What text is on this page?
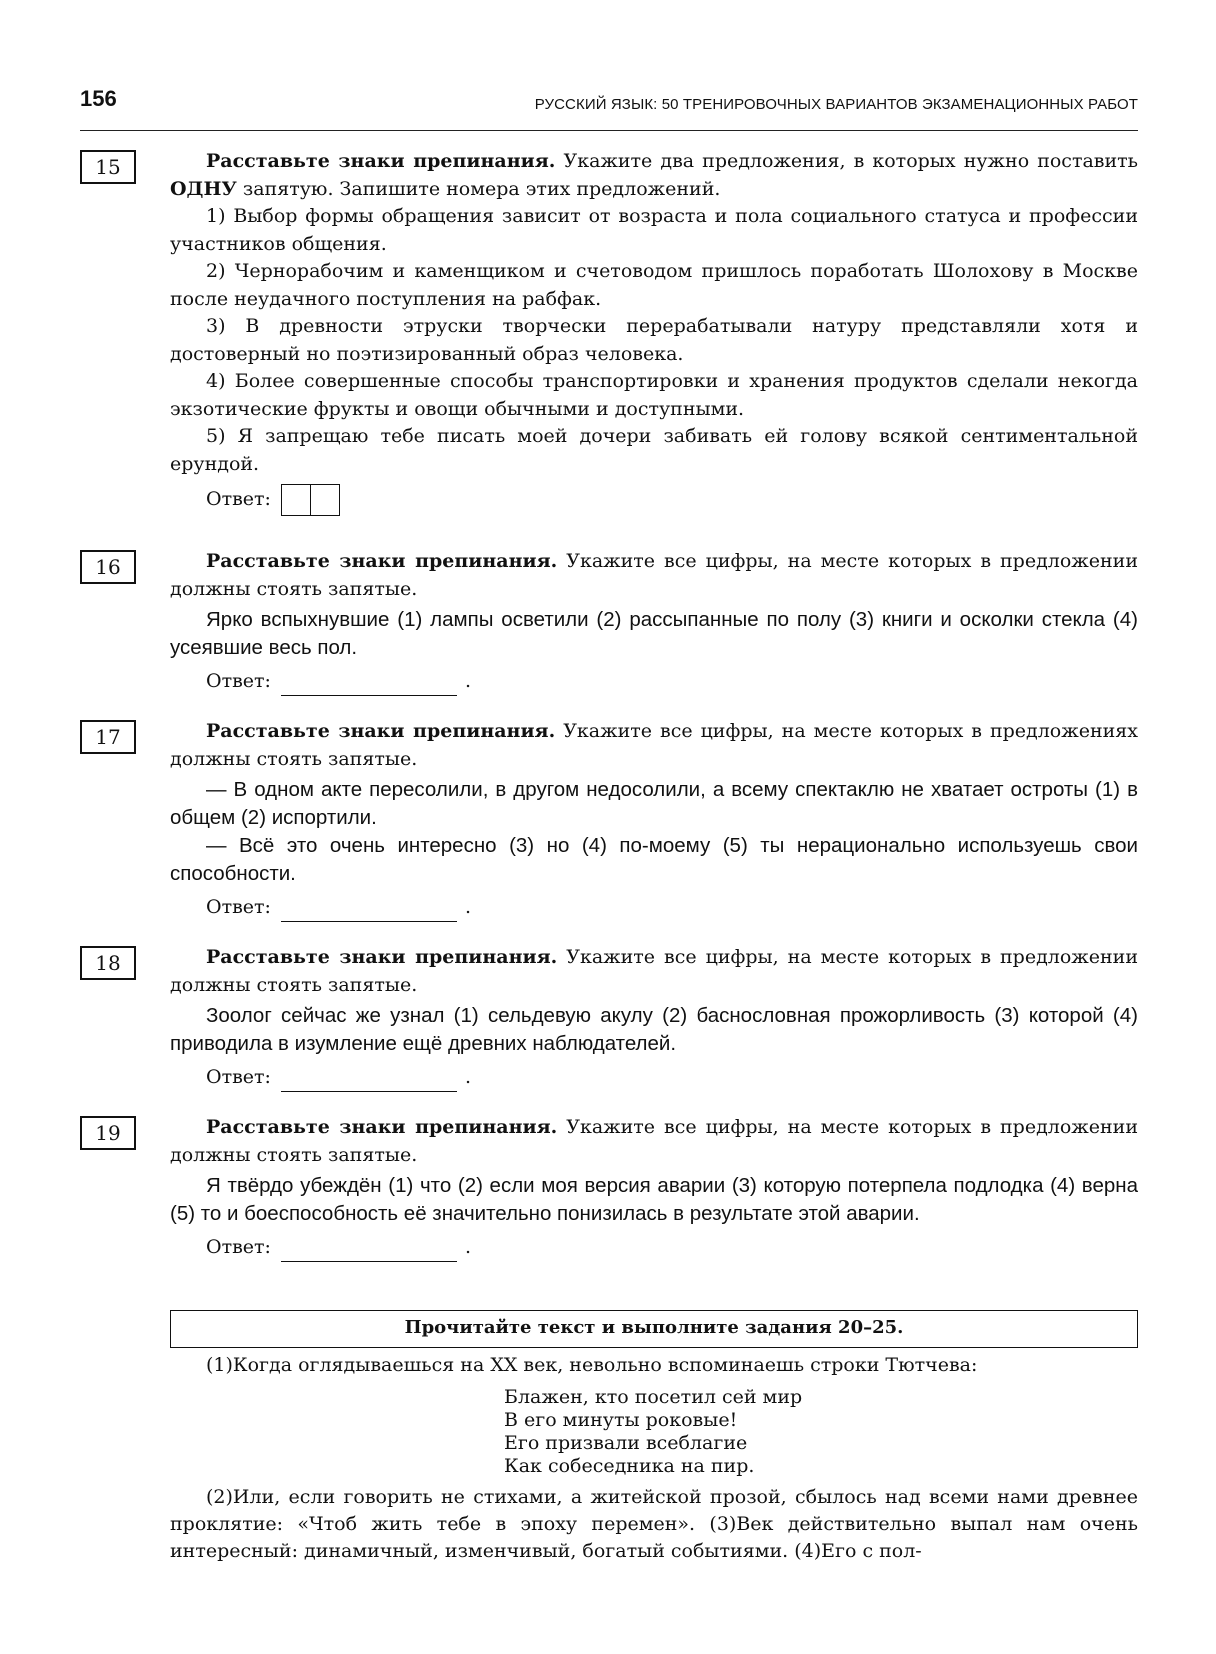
156	РУССКИЙ ЯЗЫК: 50 ТРЕНИРОВОЧНЫХ ВАРИАНТОВ ЭКЗАМЕНАЦИОННЫХ РАБОТ
15	Расставьте знаки препинания. Укажите два предложения, в которых нужно поставить ОДНУ запятую. Запишите номера этих предложений.

1) Выбор формы обращения зависит от возраста и пола социального статуса и профессии участников общения.

2) Чернорабочим и каменщиком и счетоводом пришлось поработать Шолохову в Москве после неудачного поступления на рабфак.

3) В древности этруски творчески перерабатывали натуру представляли хотя и достоверный но поэтизированный образ человека.

4) Более совершенные способы транспортировки и хранения продуктов сделали некогда экзотические фрукты и овощи обычными и доступными.

5) Я запрещаю тебе писать моей дочери забивать ей голову всякой сентиментальной ерундой.

Ответ:
16	Расставьте знаки препинания. Укажите все цифры, на месте которых в предложении должны стоять запятые.

Ярко вспыхнувшие (1) лампы осветили (2) рассыпанные по полу (3) книги и осколки стекла (4) усеявшие весь пол.

Ответ:	.
17	Расставьте знаки препинания. Укажите все цифры, на месте которых в предложениях должны стоять запятые.

— В одном акте пересолили, в другом недосолили, а всему спектаклю не хватает остроты (1) в общем (2) испортили.

— Всё это очень интересно (3) но (4) по-моему (5) ты нерационально используешь свои способности.

Ответ:	.
18	Расставьте знаки препинания. Укажите все цифры, на месте которых в предложении должны стоять запятые.

Зоолог сейчас же узнал (1) сельдевую акулу (2) баснословная прожорливость (3) которой (4) приводила в изумление ещё древних наблюдателей.

Ответ:	.
19	Расставьте знаки препинания. Укажите все цифры, на месте которых в предложении должны стоять запятые.

Я твёрдо убеждён (1) что (2) если моя версия аварии (3) которую потерпела подлодка (4) верна (5) то и боеспособность её значительно понизилась в результате этой аварии.

Ответ:	.
Прочитайте текст и выполните задания 20–25.
(1)Когда оглядываешься на XX век, невольно вспоминаешь строки Тютчева:
Блажен, кто посетил сей мир
В его минуты роковые!
Его призвали всеблагие
Как собеседника на пир.
(2)Или, если говорить не стихами, а житейской прозой, сбылось над всеми нами древнее проклятие: «Чтоб жить тебе в эпоху перемен». (3)Век действительно выпал нам очень интересный: динамичный, изменчивый, богатый событиями. (4)Его с пол-
